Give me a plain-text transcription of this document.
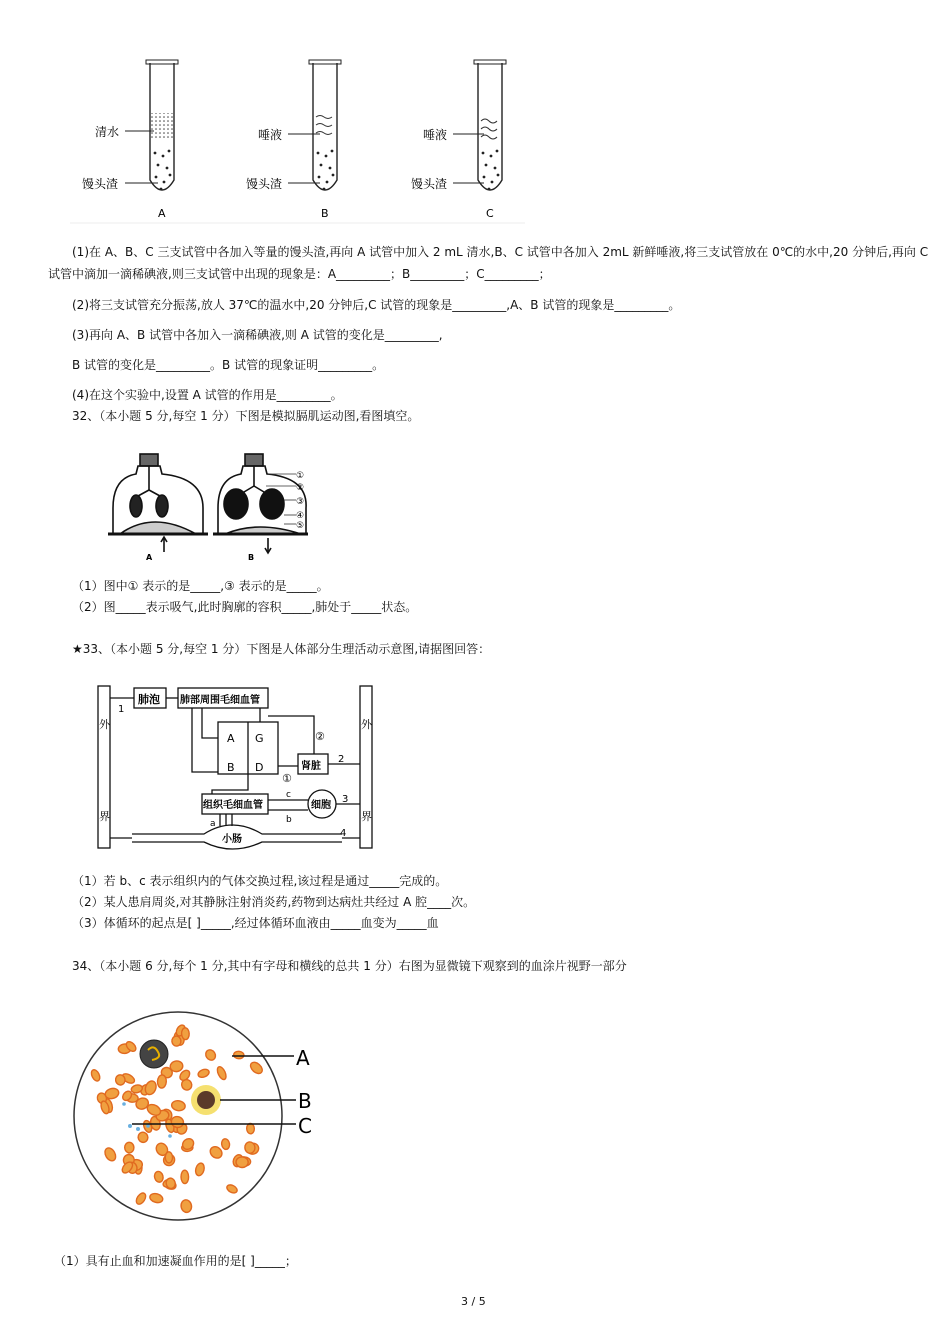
清水
馒头渣
唾液
馒头渣
唾液
馒头渣
A	B	C
(1)在 A、B、C 三支试管中各加入等量的馒头渣,再向 A 试管中加入 2 mL 清水,B、C 试管中各加入 2mL 新鲜唾液,将三支试管放在 0℃的水中,20 分钟后,再向 C
试管中滴加一滴稀碘液,则三支试管中出现的现象是：A_________；B_________；C_________；
(2)将三支试管充分振荡,放人 37℃的温水中,20 分钟后,C 试管的现象是_________,A、B 试管的现象是_________。
(3)再向 A、B 试管中各加入一滴稀碘液,则 A 试管的变化是_________,
B 试管的变化是_________。B 试管的现象证明_________。
(4)在这个实验中,设置 A 试管的作用是_________。
32、（本小题 5 分,每空 1 分）下图是模拟膈肌运动图,看图填空。
①
②
③
④
⑤
A	B
（1）图中① 表示的是_____,③ 表示的是_____。
（2）图_____表示吸气,此时胸廓的容积_____,肺处于_____状态。
★33、（本小题 5 分,每空 1 分）下图是人体部分生理活动示意图,请据图回答：
外
界
外
界
肺泡 肺部周围毛细血管
A
B
G
D	肾脏
组织毛细血管	细胞
小肠
1
2
3
4
①
②
a
c
b
（1）若 b、c 表示组织内的气体交换过程,该过程是通过_____完成的。
（2）某人患肩周炎,对其静脉注射消炎药,药物到达病灶共经过 A 腔____次。
（3）体循环的起点是[ ]_____,经过体循环血液由_____血变为_____血
34、（本小题 6 分,每个 1 分,其中有字母和横线的总共 1 分）右图为显微镜下观察到的血涂片视野一部分
A
B
C
（1）具有止血和加速凝血作用的是[ ]_____；
3 / 5
